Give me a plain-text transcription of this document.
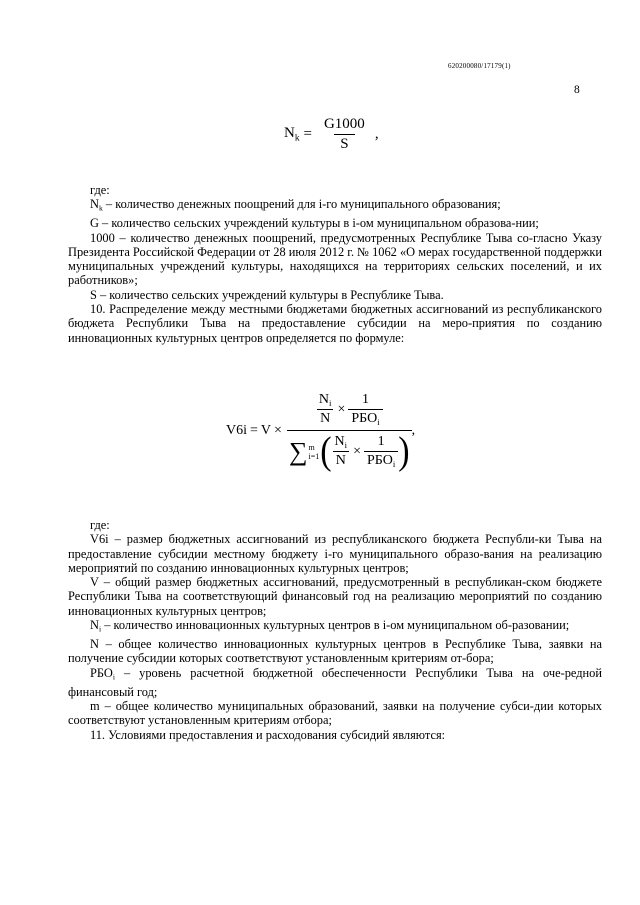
620200080/17179(1)
8
$N_k = \frac{G1000}{S}$ ,

где:

$N_k$ – количество денежных поощрений для i-го муниципального образования;

G – количество сельских учреждений культуры в i-ом муниципальном образова-нии;

1000 – количество денежных поощрений, предусмотренных Республике Тыва со-гласно Указу Президента Российской Федерации от 28 июля 2012 г. № 1062 «О мерах государственной поддержки муниципальных учреждений культуры, находящихся на территориях сельских поселений, и их работников»;

S – количество сельских учреждений культуры в Республике Тыва.

10. Распределение между местными бюджетами бюджетных ассигнований из республиканского бюджета Республики Тыва на предоставление субсидии на меро-приятия по созданию инновационных культурных центров определяется по формуле:

V6i = V ×
$\frac{N_i}{N} \times \frac{1}{РБО_i}$
∑ m
i=1 ( $\frac{N_i}{N} \times \frac{1}{РБО_i}$ ) ,

где:

V6i – размер бюджетных ассигнований из республиканского бюджета Республи-ки Тыва на предоставление субсидии местному бюджету i-го муниципального образо-вания на реализацию мероприятий по созданию инновационных культурных центров;

V – общий размер бюджетных ассигнований, предусмотренный в республикан-ском бюджете Республики Тыва на соответствующий финансовый год на реализацию мероприятий по созданию инновационных культурных центров;

$N_i$ – количество инновационных культурных центров в i-ом муниципальном об-разовании;

N – общее количество инновационных культурных центров в Республике Тыва, заявки на получение субсидии которых соответствуют установленным критериям от-бора;

$РБО_i$ – уровень расчетной бюджетной обеспеченности Республики Тыва на оче-редной финансовый год;

m – общее количество муниципальных образований, заявки на получение субси-дии которых соответствуют установленным критериям отбора;

11. Условиями предоставления и расходования субсидий являются:
